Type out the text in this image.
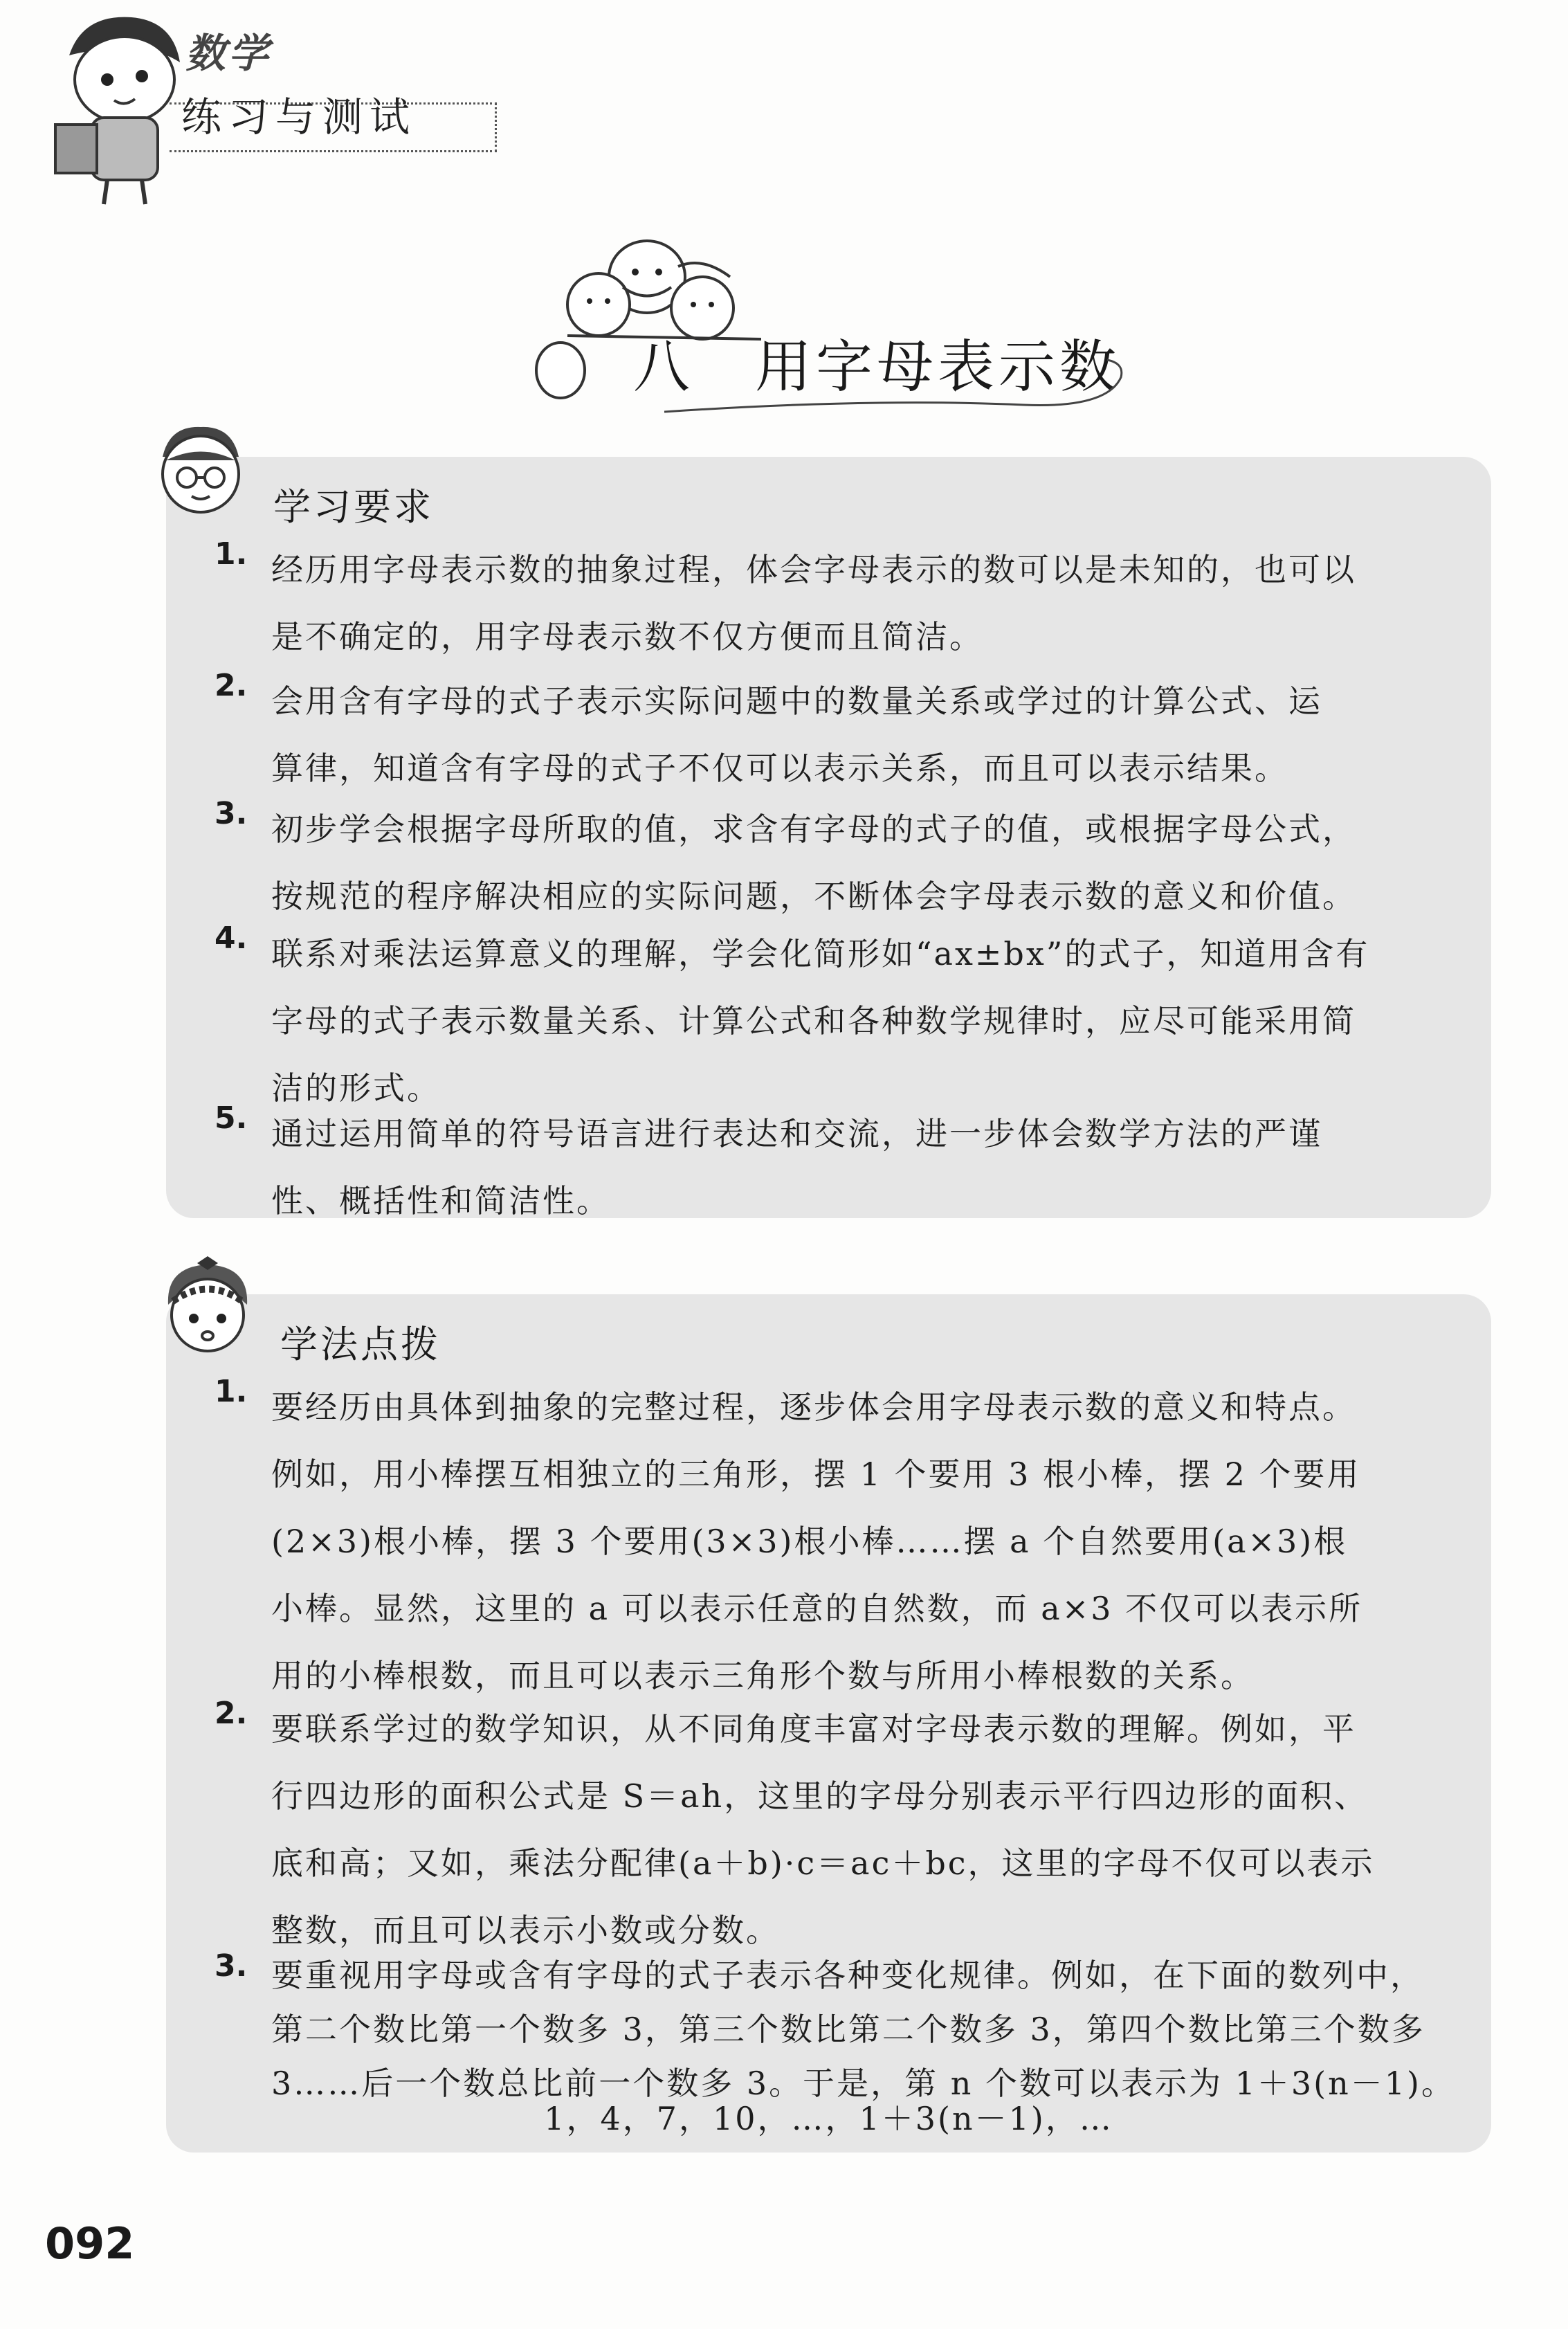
数学
练习与测试
八　用字母表示数
学习要求
1. 经历用字母表示数的抽象过程，体会字母表示的数可以是未知的，也可以
是不确定的，用字母表示数不仅方便而且简洁。
2. 会用含有字母的式子表示实际问题中的数量关系或学过的计算公式、运
算律，知道含有字母的式子不仅可以表示关系，而且可以表示结果。
3. 初步学会根据字母所取的值，求含有字母的式子的值，或根据字母公式，
按规范的程序解决相应的实际问题，不断体会字母表示数的意义和价值。
4. 联系对乘法运算意义的理解，学会化简形如“ax±bx”的式子，知道用含有
字母的式子表示数量关系、计算公式和各种数学规律时，应尽可能采用简
洁的形式。
5. 通过运用简单的符号语言进行表达和交流，进一步体会数学方法的严谨
性、概括性和简洁性。
学法点拨
1. 要经历由具体到抽象的完整过程，逐步体会用字母表示数的意义和特点。
例如，用小棒摆互相独立的三角形，摆 1 个要用 3 根小棒，摆 2 个要用
(2×3)根小棒，摆 3 个要用(3×3)根小棒……摆 a 个自然要用(a×3)根
小棒。显然，这里的 a 可以表示任意的自然数，而 a×3 不仅可以表示所
用的小棒根数，而且可以表示三角形个数与所用小棒根数的关系。
2. 要联系学过的数学知识，从不同角度丰富对字母表示数的理解。例如，平
行四边形的面积公式是 S＝ah，这里的字母分别表示平行四边形的面积、
底和高；又如，乘法分配律(a＋b)·c＝ac＋bc，这里的字母不仅可以表示
整数，而且可以表示小数或分数。
3. 要重视用字母或含有字母的式子表示各种变化规律。例如，在下面的数列中，
第二个数比第一个数多 3，第三个数比第二个数多 3，第四个数比第三个数多
3……后一个数总比前一个数多 3。于是，第 n 个数可以表示为 1＋3(n－1)。
1，4，7，10，…，1＋3(n－1)，…
092
